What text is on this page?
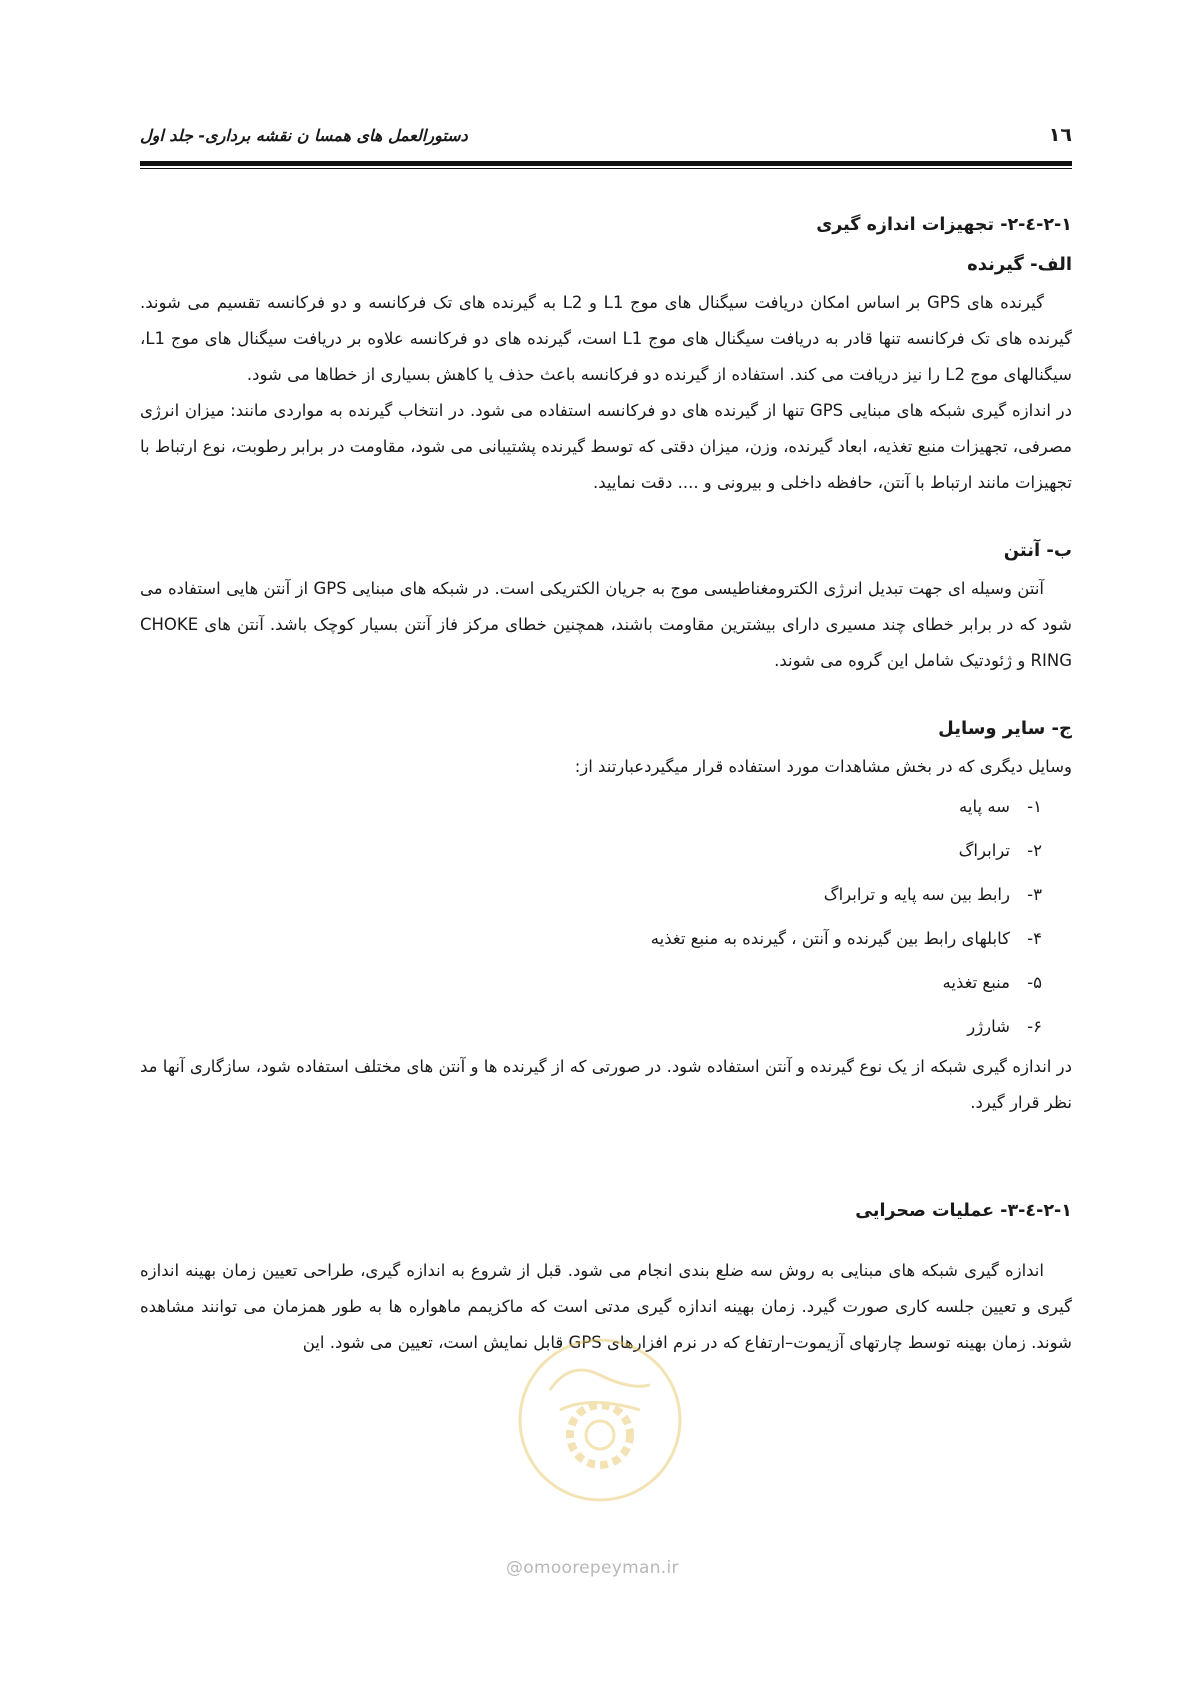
١٦
دستورالعمل های همسا ن نقشه برداری- جلد اول

۲-۱-٤-۲- تجهیزات اندازه گیری

الف- گیرنده

گیرنده های GPS بر اساس امکان دریافت سیگنال های موج L1 و L2 به گیرنده های تک فرکانسه و دو فرکانسه تقسیم می شوند. گیرنده های تک فرکانسه تنها قادر به دریافت سیگنال های موج L1 است، گیرنده های دو فرکانسه علاوه بر دریافت سیگنال های موج L1، سیگنالهای موج L2 را نیز دریافت می کند. استفاده از گیرنده دو فرکانسه باعث حذف یا کاهش بسیاری از خطاها می شود.

در اندازه گیری شبکه های مبنایی GPS تنها از گیرنده های دو فرکانسه استفاده می شود. در انتخاب گیرنده به مواردی مانند: میزان انرژی مصرفی، تجهیزات منبع تغذیه، ابعاد گیرنده، وزن، میزان دقتی که توسط گیرنده پشتیبانی می شود، مقاومت در برابر رطوبت، نوع ارتباط با تجهیزات مانند ارتباط با آنتن، حافظه داخلی و بیرونی و .... دقت نمایید.

ب- آنتن

آنتن وسیله ای جهت تبدیل انرژی الکترومغناطیسی موج به جریان الکتریکی است. در شبکه های مبنایی GPS از آنتن هایی استفاده می شود که در برابر خطای چند مسیری دارای بیشترین مقاومت باشند، همچنین خطای مرکز فاز آنتن بسیار کوچک باشد. آنتن های CHOKE RING و ژئودتیک شامل این گروه می شوند.

ج- سایر وسایل

وسایل دیگری که در بخش مشاهدات مورد استفاده قرار میگیردعبارتند از:

١-سه پایه
٢-ترابراگ
٣-رابط بین سه پایه و ترابراگ
۴-کابلهای رابط بین گیرنده و آنتن ، گیرنده به منبع تغذیه
۵-منبع تغذیه
۶-شارژر

در اندازه گیری شبکه از یک نوع گیرنده و آنتن استفاده شود. در صورتی که از گیرنده ها و آنتن های مختلف استفاده شود، سازگاری آنها مد نظر قرار گیرد.

۲-۱-٤-۳- عملیات صحرایی

اندازه گیری شبکه های مبنایی به روش سه ضلع بندی انجام می شود. قبل از شروع به اندازه گیری، طراحی تعیین زمان بهینه اندازه گیری و تعیین جلسه کاری صورت گیرد. زمان بهینه اندازه گیری مدتی است که ماکزیمم ماهواره ها به طور همزمان می توانند مشاهده شوند. زمان بهینه توسط چارتهای آزیموت–ارتفاع که در نرم افزارهای GPS قابل نمایش است، تعیین می شود. این

@omoorepeyman.ir
